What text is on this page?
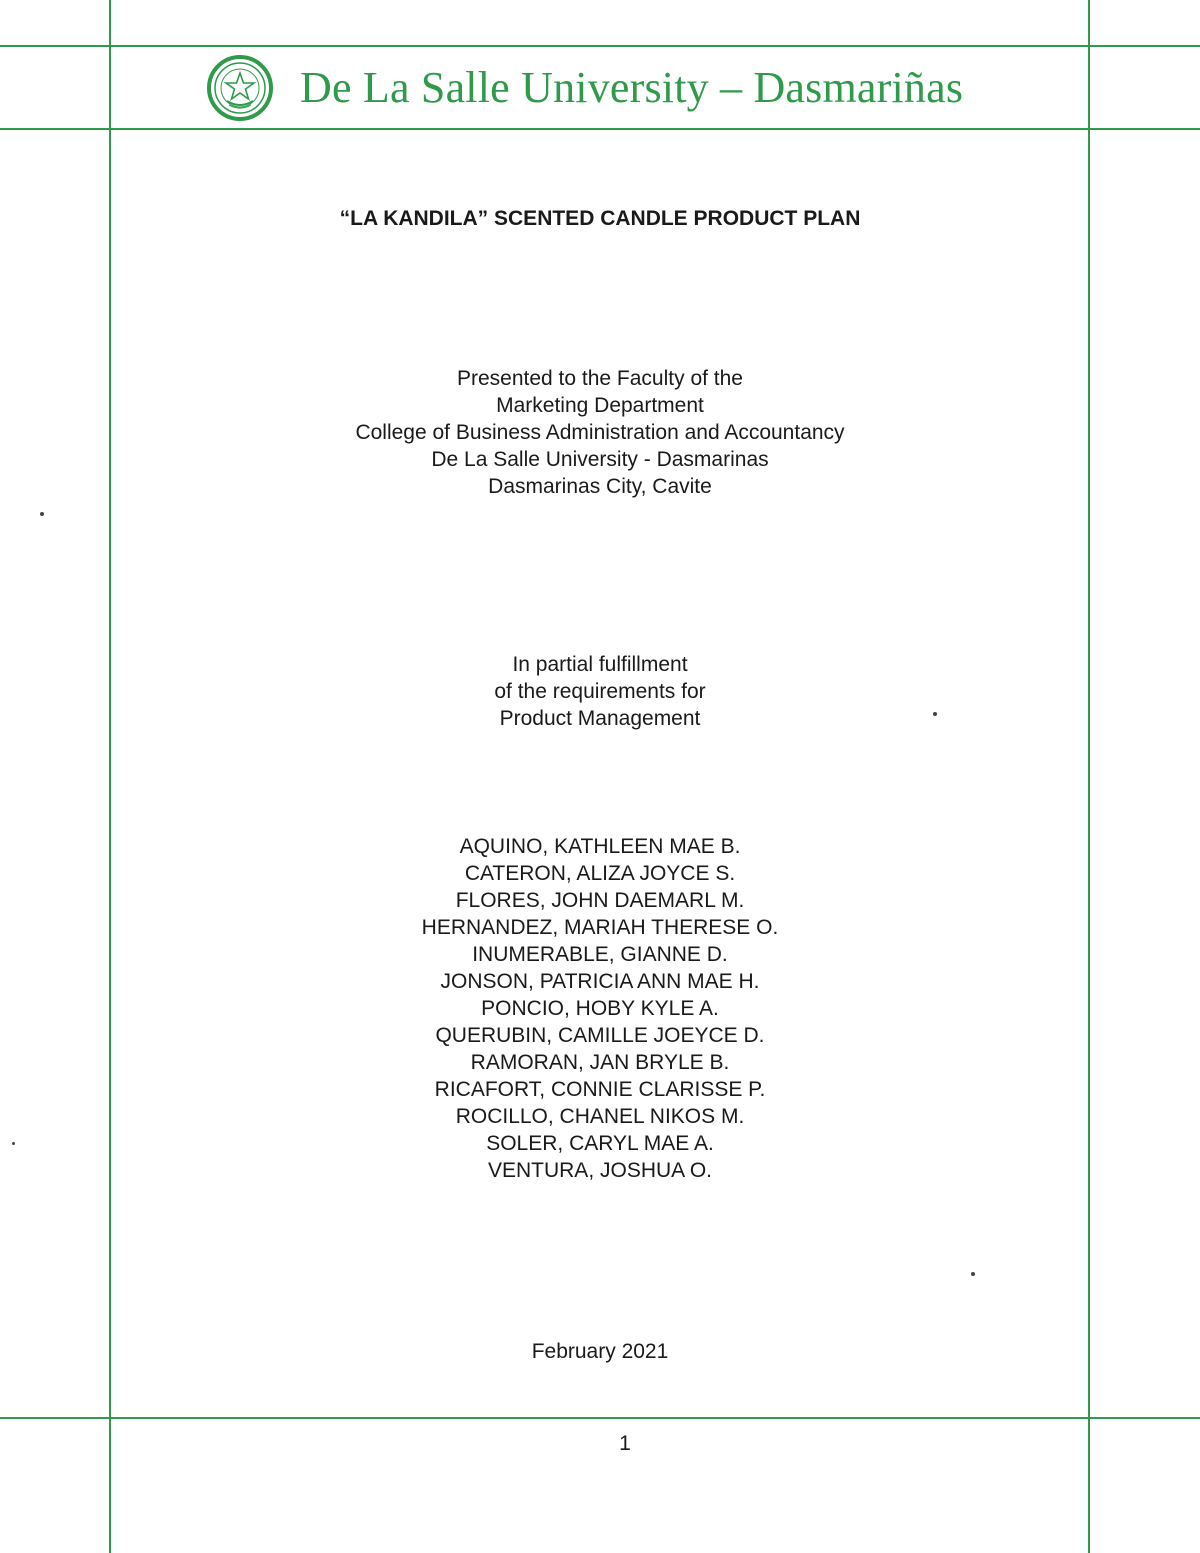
De La Salle University – Dasmariñas
“LA KANDILA” SCENTED CANDLE PRODUCT PLAN
Presented to the Faculty of the
Marketing Department
College of Business Administration and Accountancy
De La Salle University - Dasmarinas
Dasmarinas City, Cavite
In partial fulfillment
of the requirements for
Product Management
AQUINO, KATHLEEN MAE B.
CATERON, ALIZA JOYCE S.
FLORES, JOHN DAEMARL M.
HERNANDEZ, MARIAH THERESE O.
INUMERABLE, GIANNE D.
JONSON, PATRICIA ANN MAE H.
PONCIO, HOBY KYLE A.
QUERUBIN, CAMILLE JOEYCE D.
RAMORAN, JAN BRYLE B.
RICAFORT, CONNIE CLARISSE P.
ROCILLO, CHANEL NIKOS M.
SOLER, CARYL MAE A.
VENTURA, JOSHUA O.
February 2021
1
